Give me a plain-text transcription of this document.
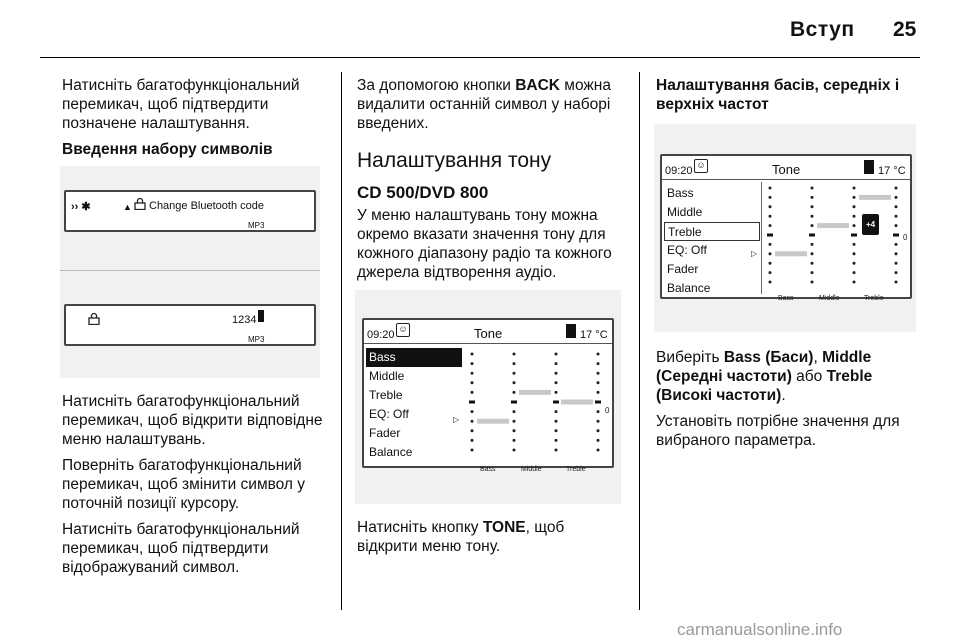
Вступ 25

Натисніть багатофункціональний перемикач, щоб підтвердити позначене налаштування.

Введення набору символів

›› ✱	▲ Change Bluetooth code
MP3
1234
MP3

Натисніть багатофункціональний перемикач, щоб відкрити відповідне меню налаштувань.

Поверніть багатофункціональний перемикач, щоб змінити символ у поточній позиції курсору.

Натисніть багатофункціональний перемикач, щоб підтвердити відображуваний символ.

За допомогою кнопки BACK можна видалити останній символ у наборі введених.

Налаштування тону
CD 500/DVD 800

У меню налаштувань тону можна окремо вказати значення тону для кожного діапазону радіо та кожного джерела відтворення аудіо.

09:20 ☺	Tone	17 °C
Bass
Middle
Treble
EQ: Off
Fader
Balance
▷
Bass	Middle	Treble
0

Натисніть кнопку TONE, щоб відкрити меню тону.

Налаштування басів, середніх і верхніх частот

09:20 ☺	Tone	17 °C
Bass
Middle
Treble
EQ: Off
Fader
Balance
▷
+4
Bass	Middle	Treble
0

Виберіть Bass (Баси), Middle (Середні частоти) або Treble (Високі частоти).

Установіть потрібне значення для вибраного параметра.

carmanualsonline.info
